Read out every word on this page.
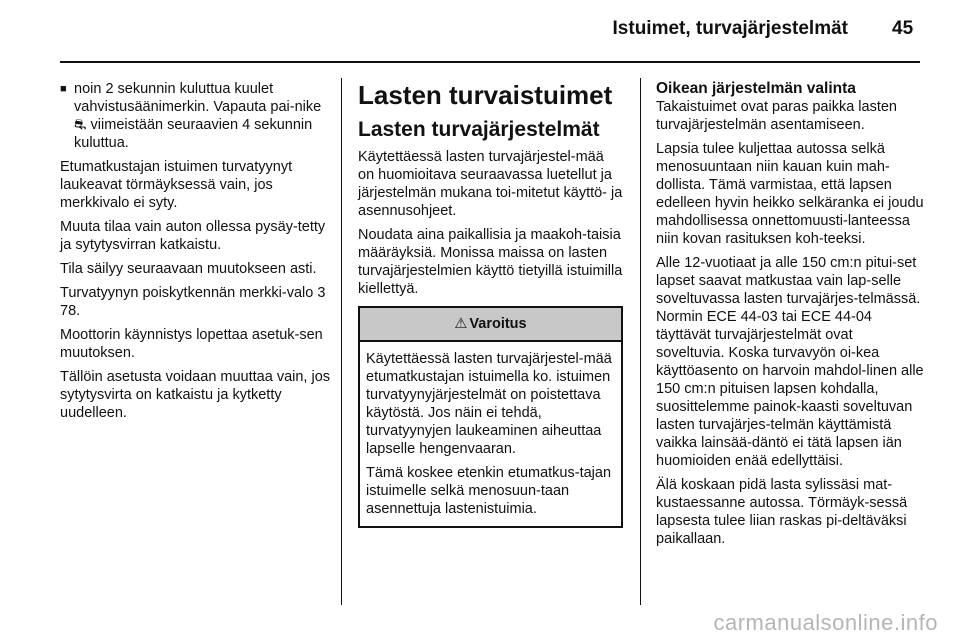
Istuimet, turvajärjestelmät 45
■ noin 2 sekunnin kuluttua kuulet vahvistusäänimerkin. Vapauta pai-nike ⛐ viimeistään seuraavien 4 sekunnin kuluttua.

Etumatkustajan istuimen turvatyynyt laukeavat törmäyksessä vain, jos merkkivalo ei syty.

Muuta tilaa vain auton ollessa pysäy-tetty ja sytytysvirran katkaistu.

Tila säilyy seuraavaan muutokseen asti.

Turvatyynyn poiskytkennän merkki-valo 3 78.

Moottorin käynnistys lopettaa asetuk-sen muutoksen.

Tällöin asetusta voidaan muuttaa vain, jos sytytysvirta on katkaistu ja kytketty uudelleen.

Lasten turvaistuimet
Lasten turvajärjestelmät

Käytettäessä lasten turvajärjestel-mää on huomioitava seuraavassa luetellut ja järjestelmän mukana toi-mitetut käyttö- ja asennusohjeet.

Noudata aina paikallisia ja maakoh-taisia määräyksiä. Monissa maissa on lasten turvajärjestelmien käyttö tietyillä istuimilla kiellettyä.

⚠ Varoitus

Käytettäessä lasten turvajärjestel-mää etumatkustajan istuimella ko. istuimen turvatyynyjärjestelmät on poistettava käytöstä. Jos näin ei tehdä, turvatyynyjen laukeaminen aiheuttaa lapselle hengenvaaran.

Tämä koskee etenkin etumatkus-tajan istuimelle selkä menosuun-taan asennettuja lastenistuimia.

Oikean järjestelmän valinta

Takaistuimet ovat paras paikka lasten turvajärjestelmän asentamiseen.

Lapsia tulee kuljettaa autossa selkä menosuuntaan niin kauan kuin mah-dollista. Tämä varmistaa, että lapsen edelleen hyvin heikko selkäranka ei joudu mahdollisessa onnettomuusti-lanteessa niin kovan rasituksen koh-teeksi.

Alle 12-vuotiaat ja alle 150 cm:n pitui-set lapset saavat matkustaa vain lap-selle soveltuvassa lasten turvajärjes-telmässä. Normin ECE 44-03 tai ECE 44-04 täyttävät turvajärjestelmät ovat soveltuvia. Koska turvavyön oi-kea käyttöasento on harvoin mahdol-linen alle 150 cm:n pituisen lapsen kohdalla, suosittelemme painok-kaasti soveltuvan lasten turvajärjes-telmän käyttämistä vaikka lainsää-däntö ei tätä lapsen iän huomioiden enää edellyttäisi.

Älä koskaan pidä lasta sylissäsi mat-kustaessanne autossa. Törmäyk-sessä lapsesta tulee liian raskas pi-deltäväksi paikallaan.

carmanualsonline.info
